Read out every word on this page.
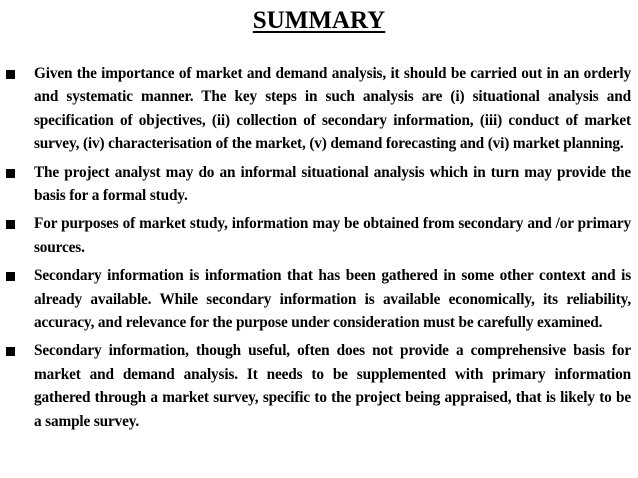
SUMMARY
Given the importance of market and demand analysis, it should be carried out in an orderly and systematic manner. The key steps in such analysis are (i) situational analysis and specification of objectives, (ii) collection of secondary information, (iii) conduct of market survey, (iv) characterisation of the market, (v) demand forecasting and (vi) market planning.
The project analyst may do an informal situational analysis which in turn may provide the basis for a formal study.
For purposes of market study, information may be obtained from secondary and /or primary sources.
Secondary information is information that has been gathered in some other context and is already available. While secondary information is available economically, its reliability, accuracy, and relevance for the purpose under consideration must be carefully examined.
Secondary information, though useful, often does not provide a comprehensive basis for market and demand analysis. It needs to be supplemented with primary information gathered through a market survey, specific to the project being appraised, that is likely to be a sample survey.
